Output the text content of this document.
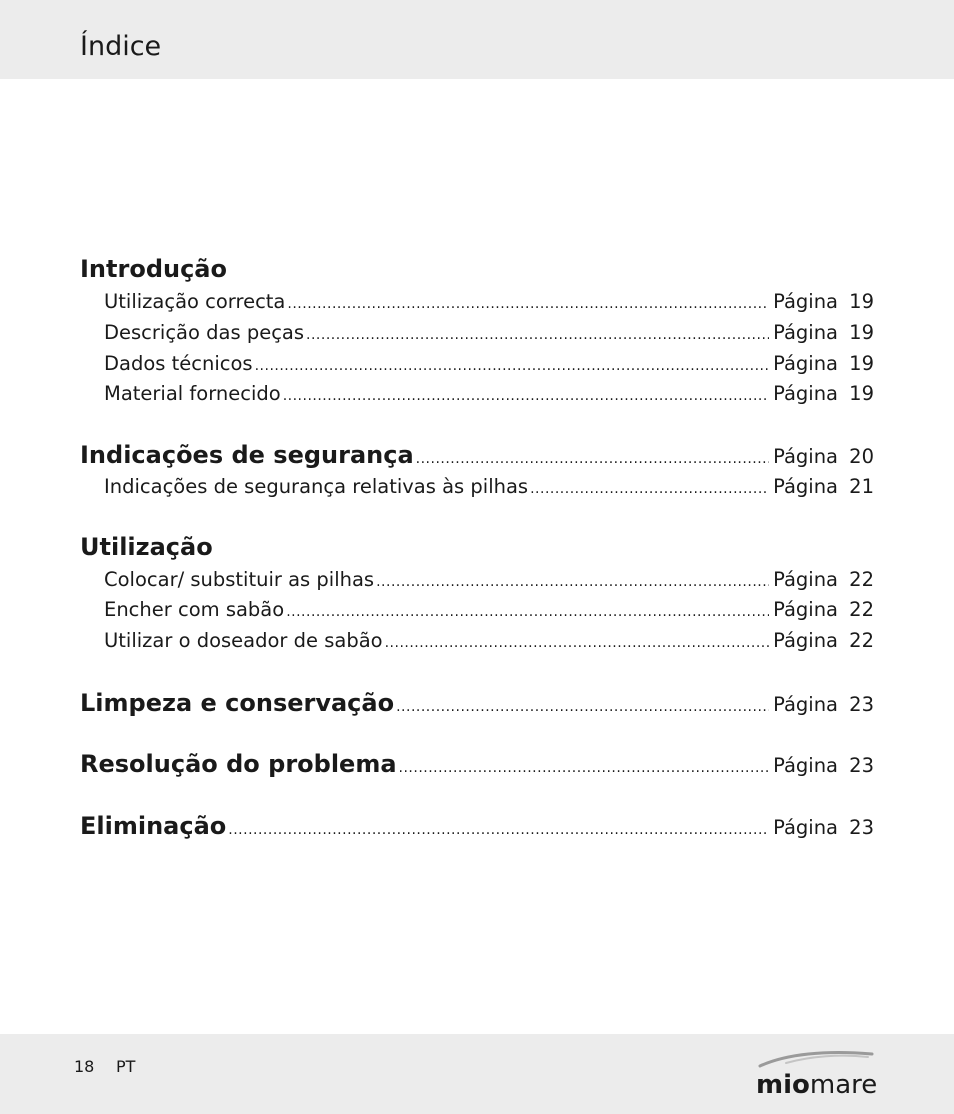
Índice
Introdução
Utilização correcta .....	Página 19
Descrição das peças .....	Página 19
Dados técnicos .....	Página 19
Material fornecido .....	Página 19
Indicações de segurança .....	Página 20
Indicações de segurança relativas às pilhas .....	Página 21
Utilização
Colocar/ substituir as pilhas .....	Página 22
Encher com sabão .....	Página 22
Utilizar o doseador de sabão .....	Página 22
Limpeza e conservação .....	Página 23
Resolução do problema .....	Página 23
Eliminação .....	Página 23
18 PT
miomare
